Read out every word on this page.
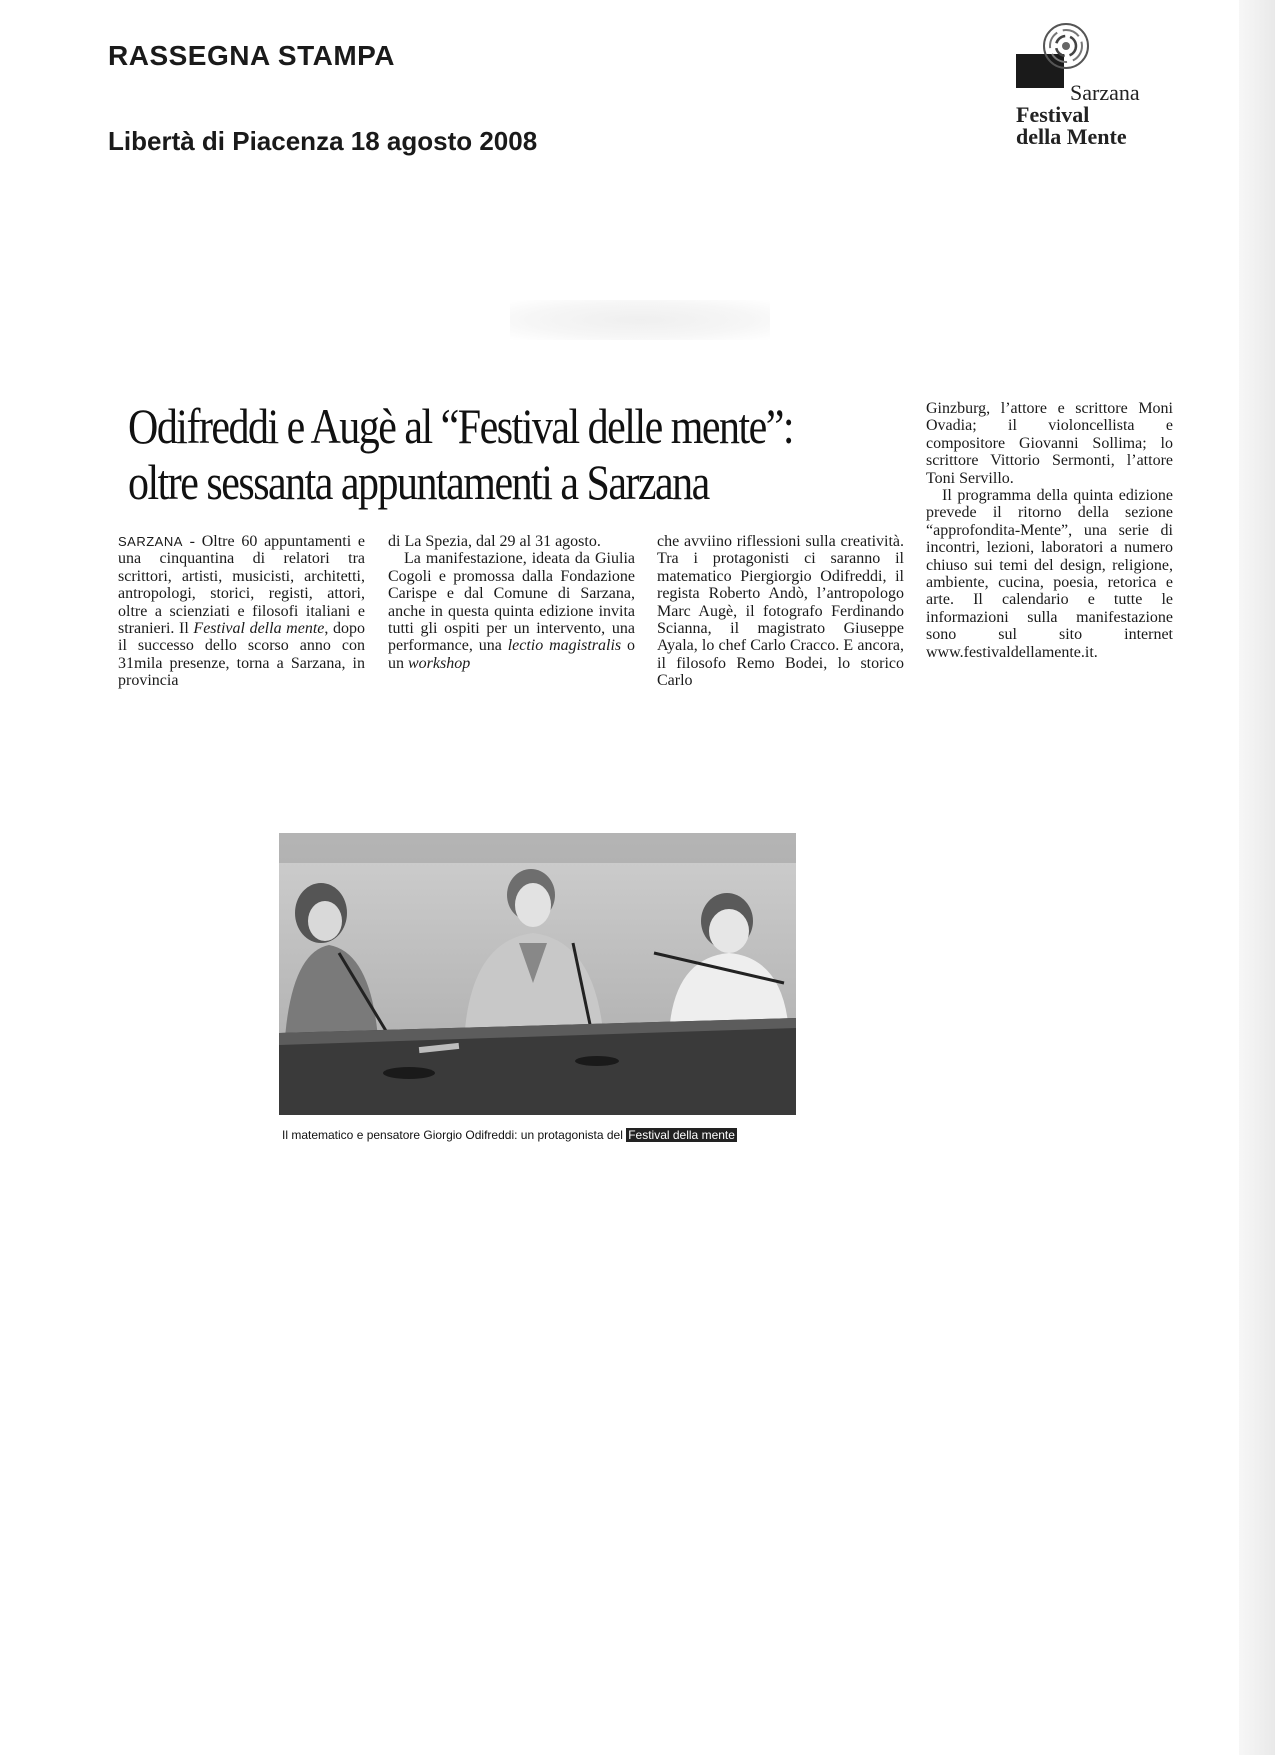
RASSEGNA STAMPA
Libertà di Piacenza 18 agosto 2008
Sarzana
Festival
della Mente
Odifreddi e Augè al “Festival delle mente”:
oltre sessanta appuntamenti a Sarzana

SARZANA - Oltre 60 appuntamenti e una cinquantina di relatori tra scrittori, artisti, musicisti, architetti, antropologi, storici, registi, attori, oltre a scienziati e filosofi italiani e stranieri. Il Festival della mente, dopo il successo dello scorso anno con 31mila presenze, torna a Sarzana, in provincia

di La Spezia, dal 29 al 31 agosto.

La manifestazione, ideata da Giulia Cogoli e promossa dalla Fondazione Carispe e dal Comune di Sarzana, anche in questa quinta edizione invita tutti gli ospiti per un intervento, una performance, una lectio magistralis o un workshop

che avviino riflessioni sulla creatività. Tra i protagonisti ci saranno il matematico Piergiorgio Odifreddi, il regista Roberto Andò, l’antropologo Marc Augè, il fotografo Ferdinando Scianna, il magistrato Giuseppe Ayala, lo chef Carlo Cracco. E ancora, il filosofo Remo Bodei, lo storico Carlo

Ginzburg, l’attore e scrittore Moni Ovadia; il violoncellista e compositore Giovanni Sollima; lo scrittore Vittorio Sermonti, l’attore Toni Servillo.

Il programma della quinta edizione prevede il ritorno della sezione “approfondita-Mente”, una serie di incontri, lezioni, laboratori a numero chiuso sui temi del design, religione, ambiente, cucina, poesia, retorica e arte. Il calendario e tutte le informazioni sulla manifestazione sono sul sito internet www.festivaldellamente.it.

Il matematico e pensatore Giorgio Odifreddi: un protagonista del Festival della mente
